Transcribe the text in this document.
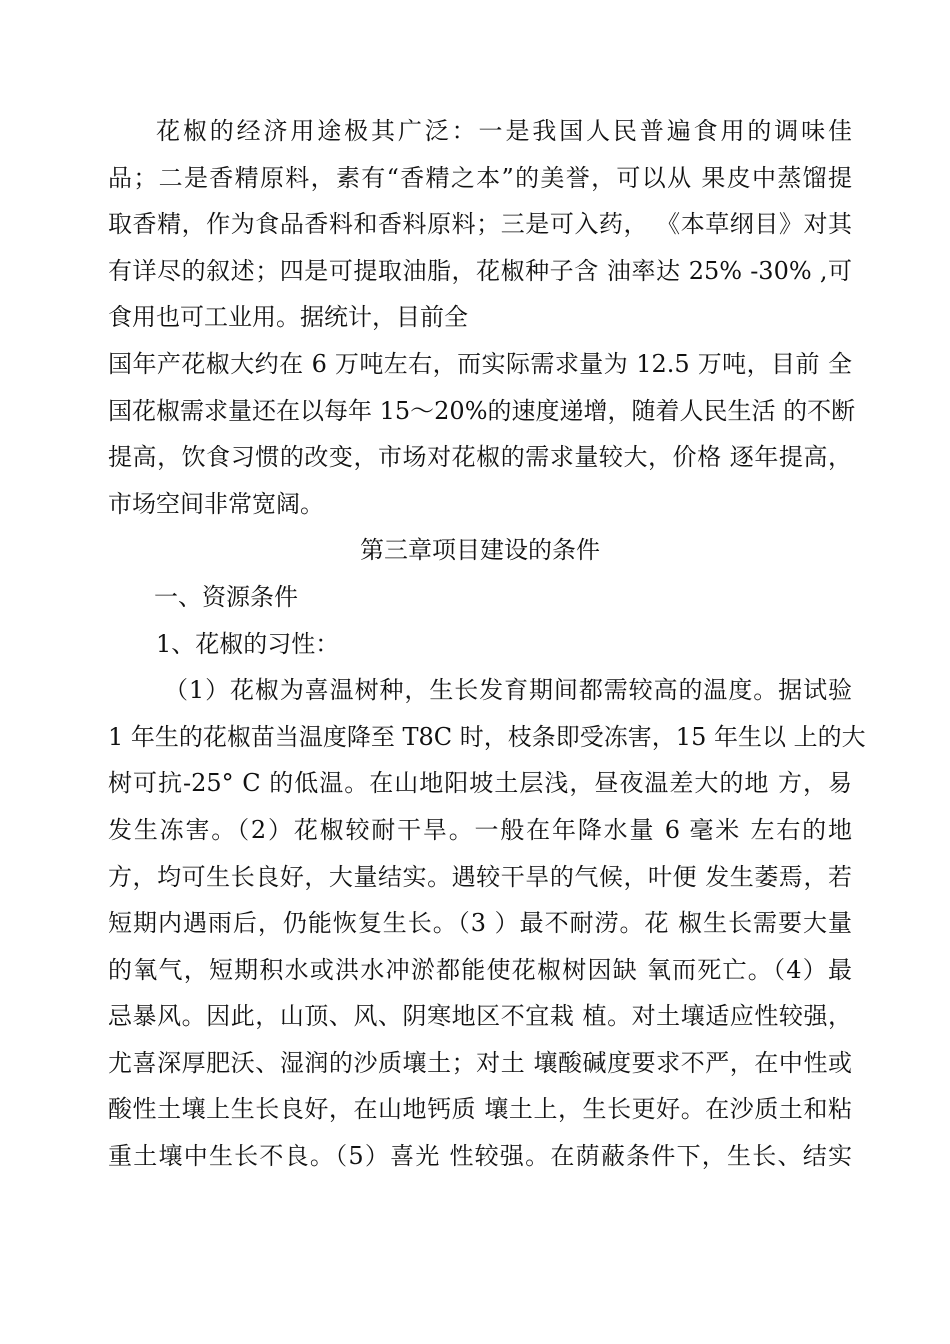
花椒的经济用途极其广泛：一是我国人民普遍食用的调味佳
品；二是香精原料，素有“香精之本”的美誉，可以从 果皮中蒸馏提
取香精，作为食品香料和香料原料；三是可入药， 《本草纲目》对其
有详尽的叙述；四是可提取油脂，花椒种子含 油率达 25% -30% ,可
食用也可工业用。据统计，目前全
国年产花椒大约在 6 万吨左右，而实际需求量为 12.5 万吨，目前 全
国花椒需求量还在以每年 15〜20%的速度递增，随着人民生活 的不断
提高，饮食习惯的改变，市场对花椒的需求量较大，价格 逐年提高，
市场空间非常宽阔。
第三章项目建设的条件
一、资源条件
1、花椒的习性：
（1）花椒为喜温树种，生长发育期间都需较高的温度。据试验
1 年生的花椒苗当温度降至 T8C 时，枝条即受冻害，15 年生以 上的大
树可抗-25° C 的低温。在山地阳坡土层浅，昼夜温差大的地 方，易
发生冻害。（2）花椒较耐干旱。一般在年降水量 6 毫米 左右的地
方，均可生长良好，大量结实。遇较干旱的气候，叶便 发生萎焉，若
短期内遇雨后，仍能恢复生长。（3 ）最不耐涝。花 椒生长需要大量
的氧气，短期积水或洪水冲淤都能使花椒树因缺 氧而死亡。（4）最
忌暴风。因此，山顶、风、阴寒地区不宜栽 植。对土壤适应性较强，
尤喜深厚肥沃、湿润的沙质壤土；对土 壤酸碱度要求不严，在中性或
酸性土壤上生长良好，在山地钙质 壤土上，生长更好。在沙质土和粘
重土壤中生长不良。（5）喜光 性较强。在荫蔽条件下，生长、结实
